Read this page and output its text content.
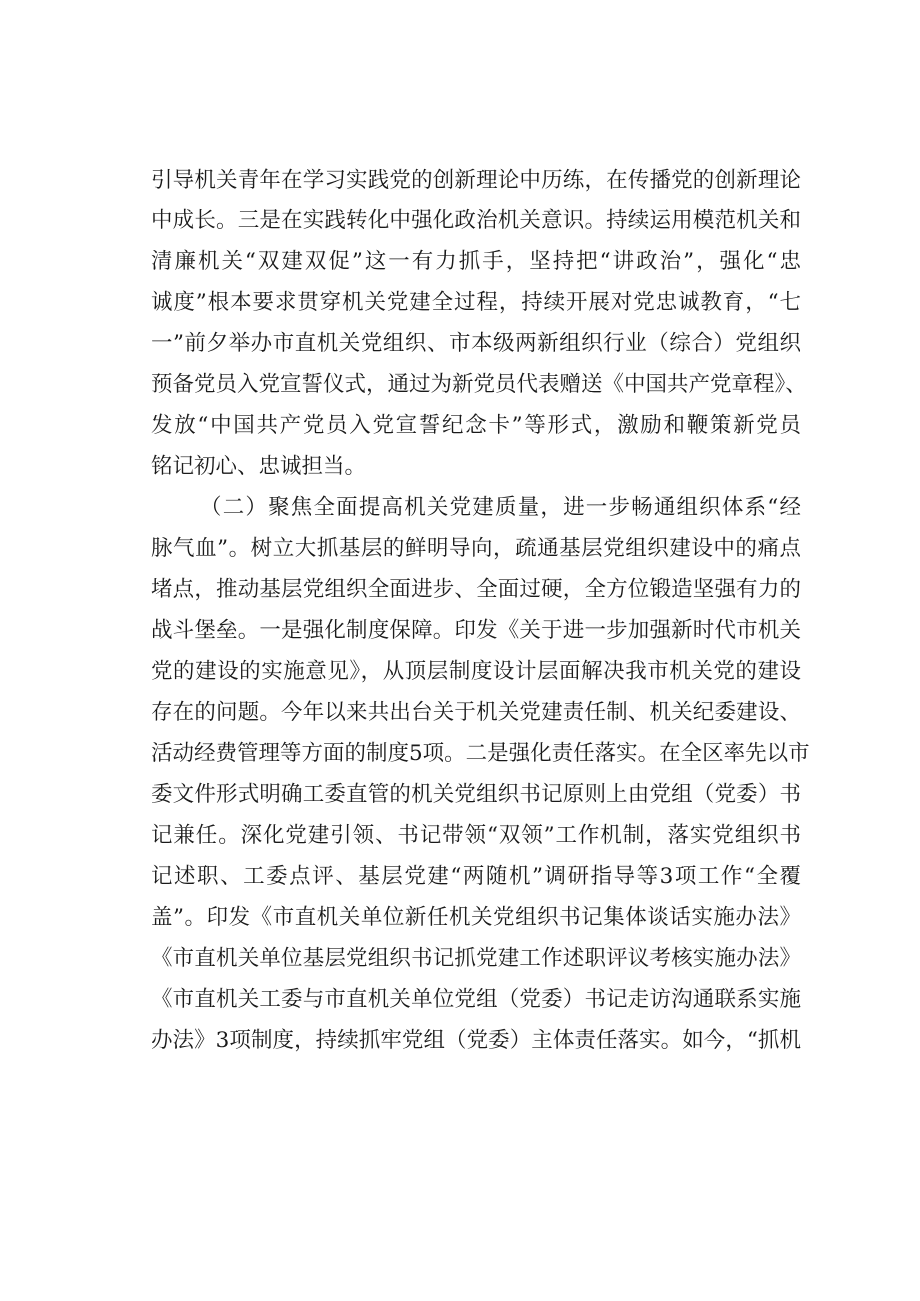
引导机关青年在学习实践党的创新理论中历练，在传播党的创新理论
中成长。三是在实践转化中强化政治机关意识。持续运用模范机关和
清廉机关“双建双促”这一有力抓手，坚持把“讲政治”，强化“忠
诚度”根本要求贯穿机关党建全过程，持续开展对党忠诚教育，“七
一”前夕举办市直机关党组织、市本级两新组织行业（综合）党组织
预备党员入党宣誓仪式，通过为新党员代表赠送《中国共产党章程》、
发放“中国共产党员入党宣誓纪念卡”等形式，激励和鞭策新党员
铭记初心、忠诚担当。
（二）聚焦全面提高机关党建质量，进一步畅通组织体系“经
脉气血”。树立大抓基层的鲜明导向，疏通基层党组织建设中的痛点
堵点，推动基层党组织全面进步、全面过硬，全方位锻造坚强有力的
战斗堡垒。一是强化制度保障。印发《关于进一步加强新时代市机关
党的建设的实施意见》，从顶层制度设计层面解决我市机关党的建设
存在的问题。今年以来共出台关于机关党建责任制、机关纪委建设、
活动经费管理等方面的制度5项。二是强化责任落实。在全区率先以市
委文件形式明确工委直管的机关党组织书记原则上由党组（党委）书
记兼任。深化党建引领、书记带领“双领”工作机制，落实党组织书
记述职、工委点评、基层党建“两随机”调研指导等3项工作“全覆
盖”。印发《市直机关单位新任机关党组织书记集体谈话实施办法》
《市直机关单位基层党组织书记抓党建工作述职评议考核实施办法》
《市直机关工委与市直机关单位党组（党委）书记走访沟通联系实施
办法》3项制度，持续抓牢党组（党委）主体责任落实。如今，“抓机
